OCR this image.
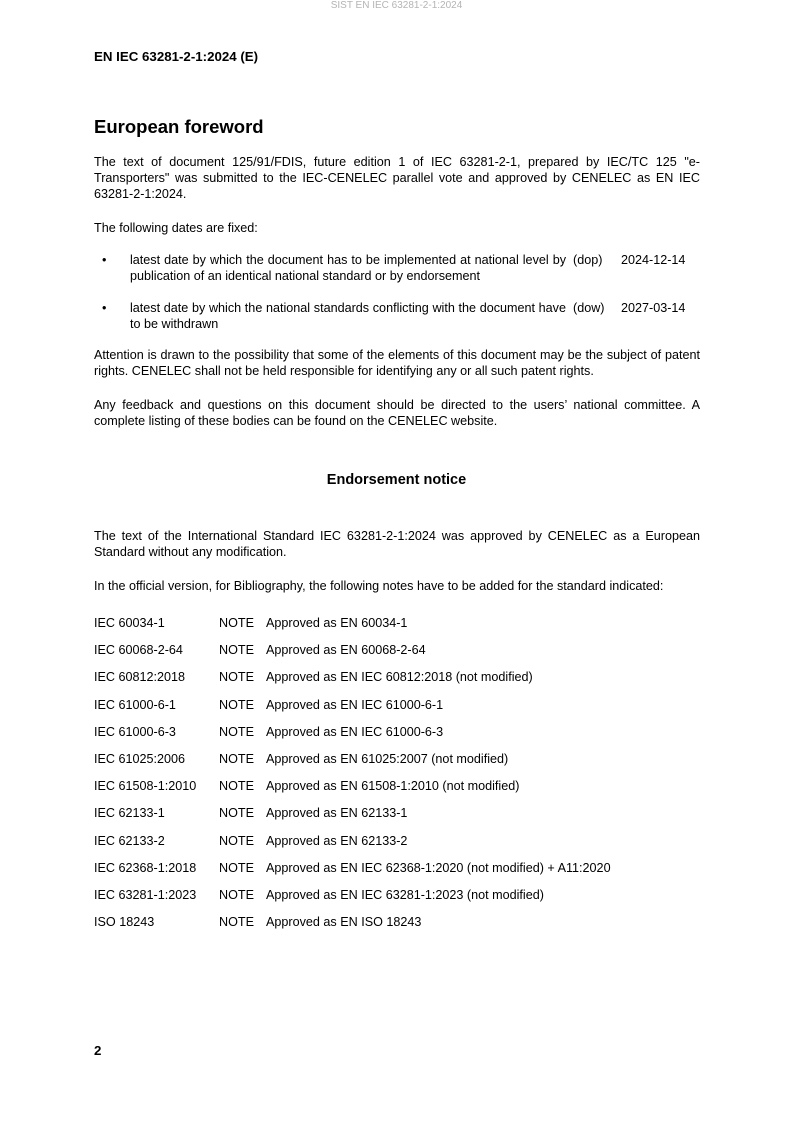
SIST EN IEC 63281-2-1:2024
EN IEC 63281-2-1:2024 (E)
European foreword
The text of document 125/91/FDIS, future edition 1 of IEC 63281-2-1, prepared by IEC/TC 125 "e-Transporters" was submitted to the IEC-CENELEC parallel vote and approved by CENELEC as EN IEC 63281-2-1:2024.
The following dates are fixed:
• latest date by which the document has to be implemented at national level by publication of an identical national standard or by endorsement
(dop) 2024-12-14
• latest date by which the national standards conflicting with the document have to be withdrawn
(dow) 2027-03-14
Attention is drawn to the possibility that some of the elements of this document may be the subject of patent rights. CENELEC shall not be held responsible for identifying any or all such patent rights.
Any feedback and questions on this document should be directed to the users’ national committee. A complete listing of these bodies can be found on the CENELEC website.
Endorsement notice
The text of the International Standard IEC 63281-2-1:2024 was approved by CENELEC as a European Standard without any modification.
In the official version, for Bibliography, the following notes have to be added for the standard indicated:
IEC 60034-1	NOTE Approved as EN 60034-1
IEC 60068-2-64	NOTE Approved as EN 60068-2-64
IEC 60812:2018	NOTE Approved as EN IEC 60812:2018 (not modified)
IEC 61000-6-1	NOTE Approved as EN IEC 61000-6-1
IEC 61000-6-3	NOTE Approved as EN IEC 61000-6-3
IEC 61025:2006	NOTE Approved as EN 61025:2007 (not modified)
IEC 61508-1:2010 NOTE Approved as EN 61508-1:2010 (not modified)
IEC 62133-1	NOTE Approved as EN 62133-1
IEC 62133-2	NOTE Approved as EN 62133-2
IEC 62368-1:2018 NOTE Approved as EN IEC 62368-1:2020 (not modified) + A11:2020
IEC 63281-1:2023 NOTE Approved as EN IEC 63281-1:2023 (not modified)
ISO 18243	NOTE Approved as EN ISO 18243
2
